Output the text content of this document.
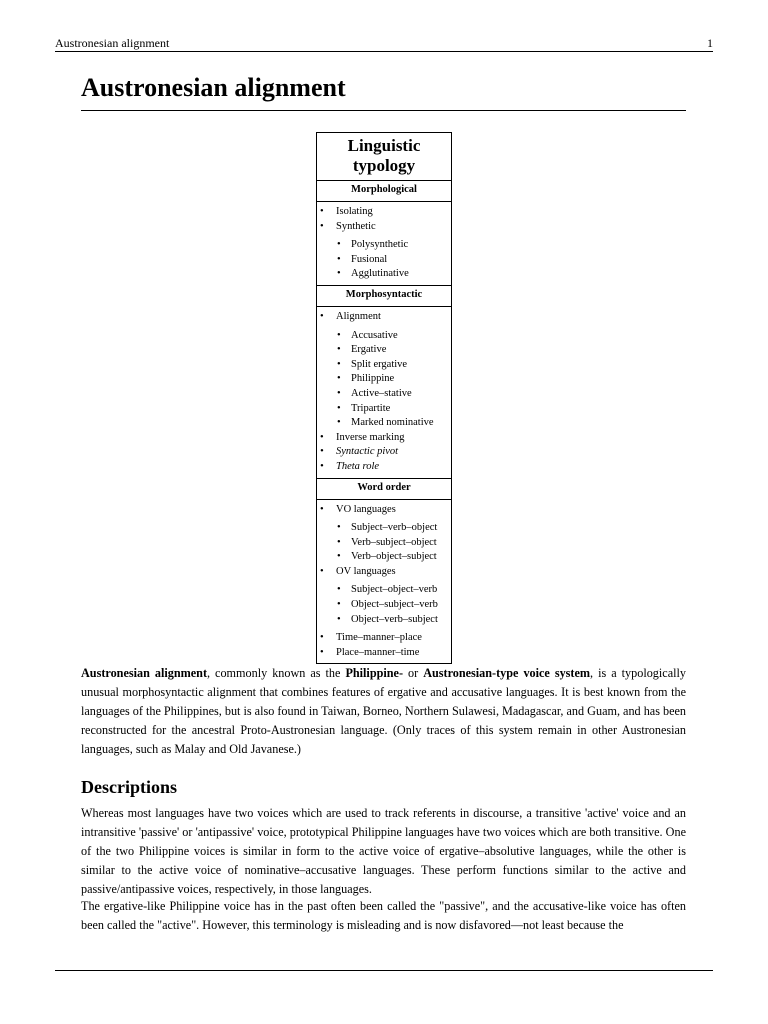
Austronesian alignment	1
Austronesian alignment
Linguistic typology
Morphological
• Isolating
• Synthetic
• Polysynthetic
• Fusional
• Agglutinative
Morphosyntactic
• Alignment
• Accusative
• Ergative
• Split ergative
• Philippine
• Active–stative
• Tripartite
• Marked nominative
• Inverse marking
• Syntactic pivot
• Theta role
Word order
• VO languages
• Subject–verb–object
• Verb–subject–object
• Verb–object–subject
• OV languages
• Subject–object–verb
• Object–subject–verb
• Object–verb–subject
• Time–manner–place
• Place–manner–time

Austronesian alignment, commonly known as the Philippine- or Austronesian-type voice system, is a typologically unusual morphosyntactic alignment that combines features of ergative and accusative languages. It is best known from the languages of the Philippines, but is also found in Taiwan, Borneo, Northern Sulawesi, Madagascar, and Guam, and has been reconstructed for the ancestral Proto-Austronesian language. (Only traces of this system remain in other Austronesian languages, such as Malay and Old Javanese.)

Descriptions

Whereas most languages have two voices which are used to track referents in discourse, a transitive 'active' voice and an intransitive 'passive' or 'antipassive' voice, prototypical Philippine languages have two voices which are both transitive. One of the two Philippine voices is similar in form to the active voice of ergative–absolutive languages, while the other is similar to the active voice of nominative–accusative languages. These perform functions similar to the active and passive/antipassive voices, respectively, in those languages.

The ergative-like Philippine voice has in the past often been called the "passive", and the accusative-like voice has often been called the "active". However, this terminology is misleading and is now disfavored—not least because the
